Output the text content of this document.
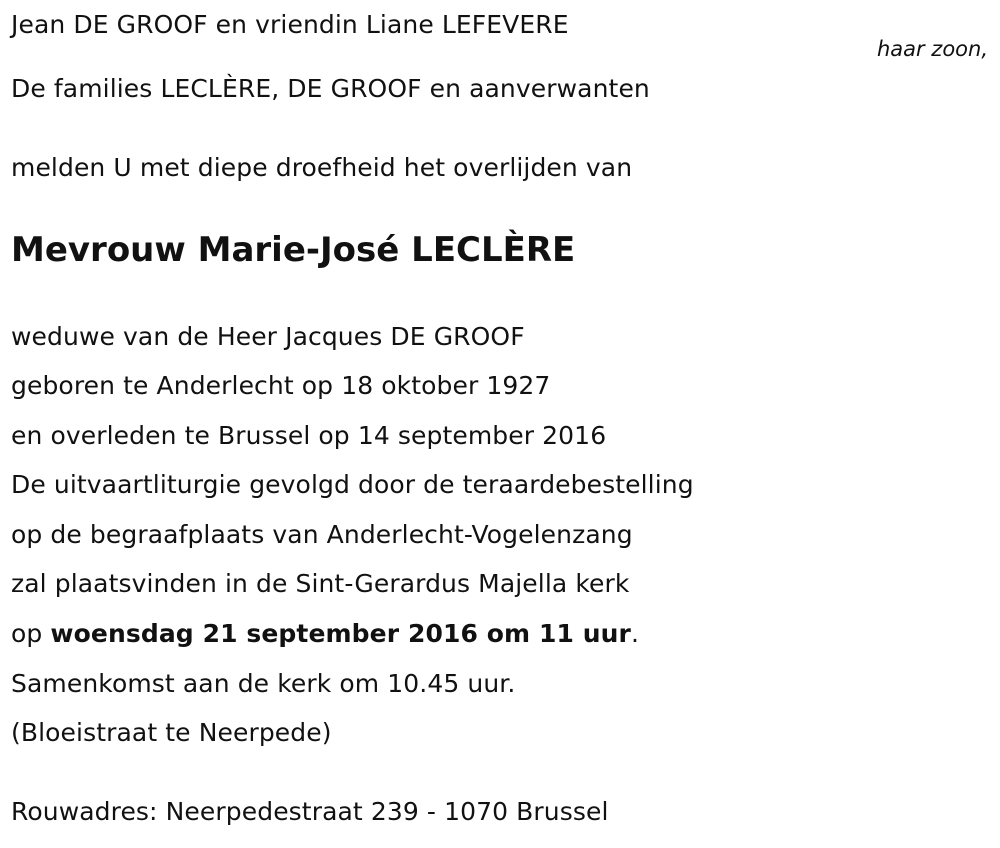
Jean DE GROOF en vriendin Liane LEFEVERE
haar zoon,
De families LECLÈRE, DE GROOF en aanverwanten
melden U met diepe droefheid het overlijden van
Mevrouw Marie-José LECLÈRE
weduwe van de Heer Jacques DE GROOF
geboren te Anderlecht op 18 oktober 1927
en overleden te Brussel op 14 september 2016
De uitvaartliturgie gevolgd door de teraardebestelling
op de begraafplaats van Anderlecht-Vogelenzang
zal plaatsvinden in de Sint-Gerardus Majella kerk
op woensdag 21 september 2016 om 11 uur.
Samenkomst aan de kerk om 10.45 uur.
(Bloeistraat te Neerpede)
Rouwadres: Neerpedestraat 239 - 1070 Brussel
